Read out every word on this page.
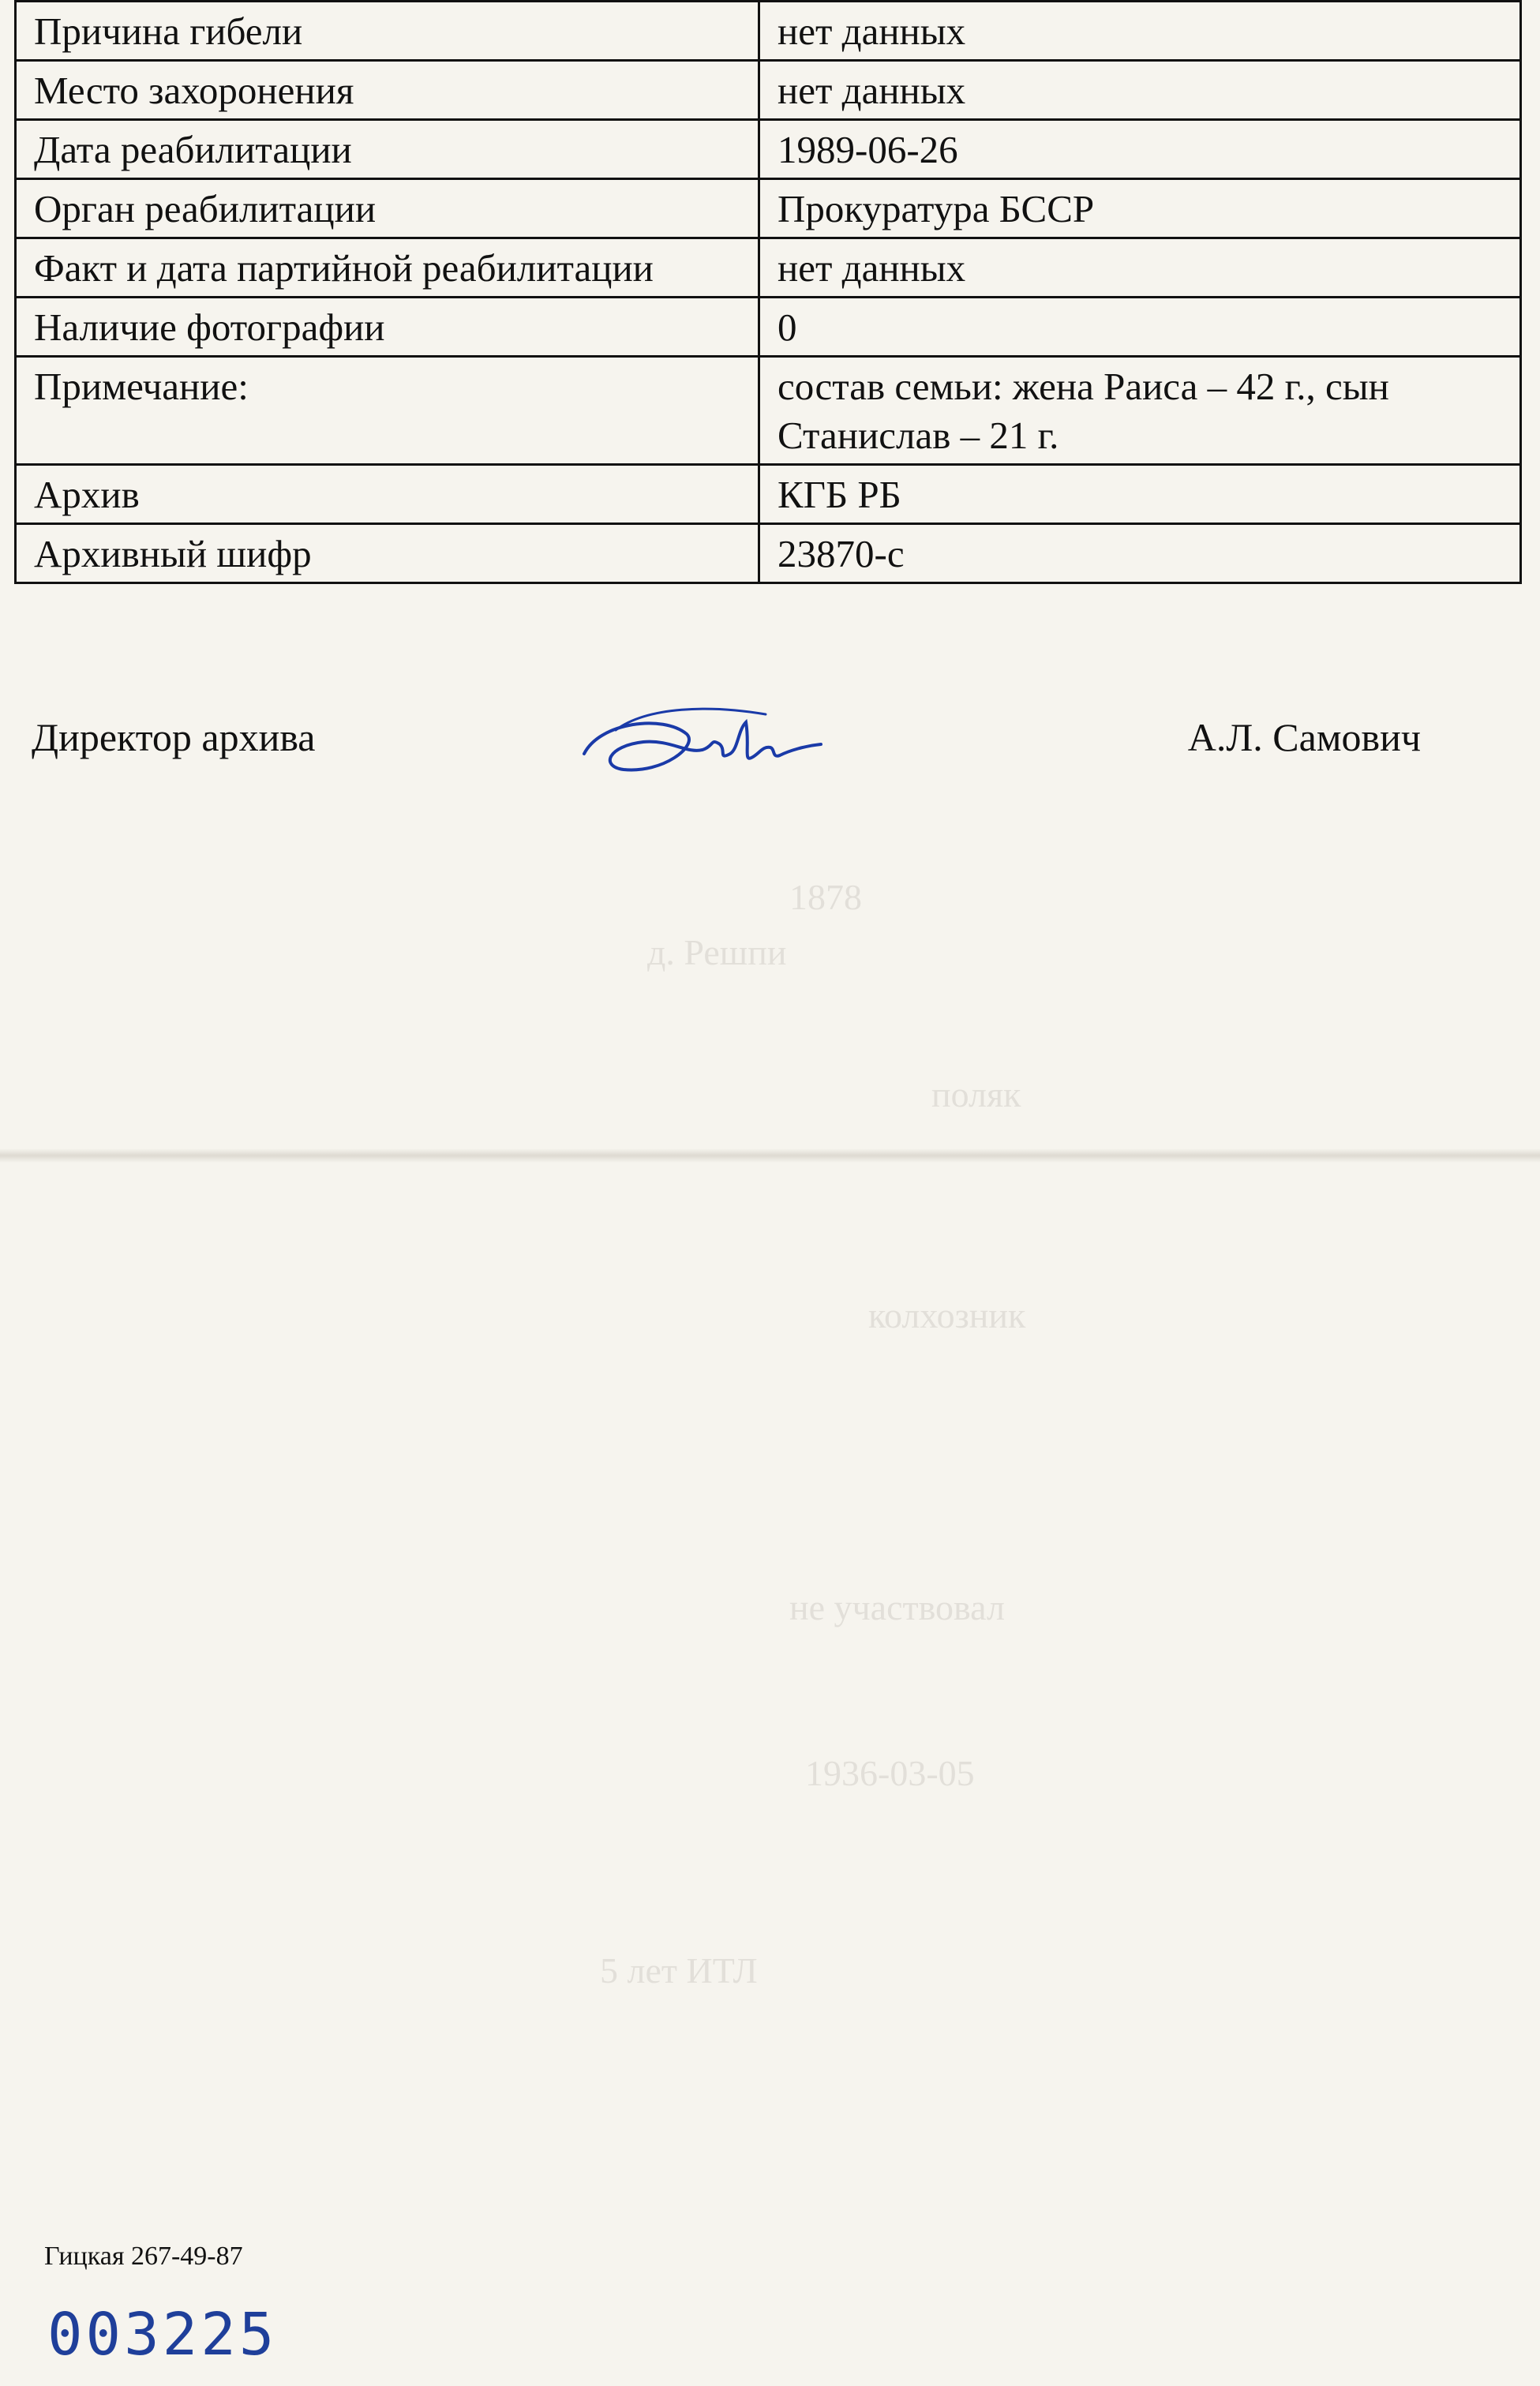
1878
д. Решпи
поляк
колхозник
не участвовал
1936-03-05
5 лет ИТЛ
Причина гибели	нет данных
Место захоронения	нет данных
Дата реабилитации	1989-06-26
Орган реабилитации	Прокуратура БССР
Факт и дата партийной реабилитации	нет данных
Наличие фотографии	0
Примечание:	состав семьи: жена Раиса – 42 г., сын Станислав – 21 г.
Архив	КГБ РБ
Архивный шифр	23870-с
Директор архива	А.Л. Самович
Гицкая 267-49-87
003225
